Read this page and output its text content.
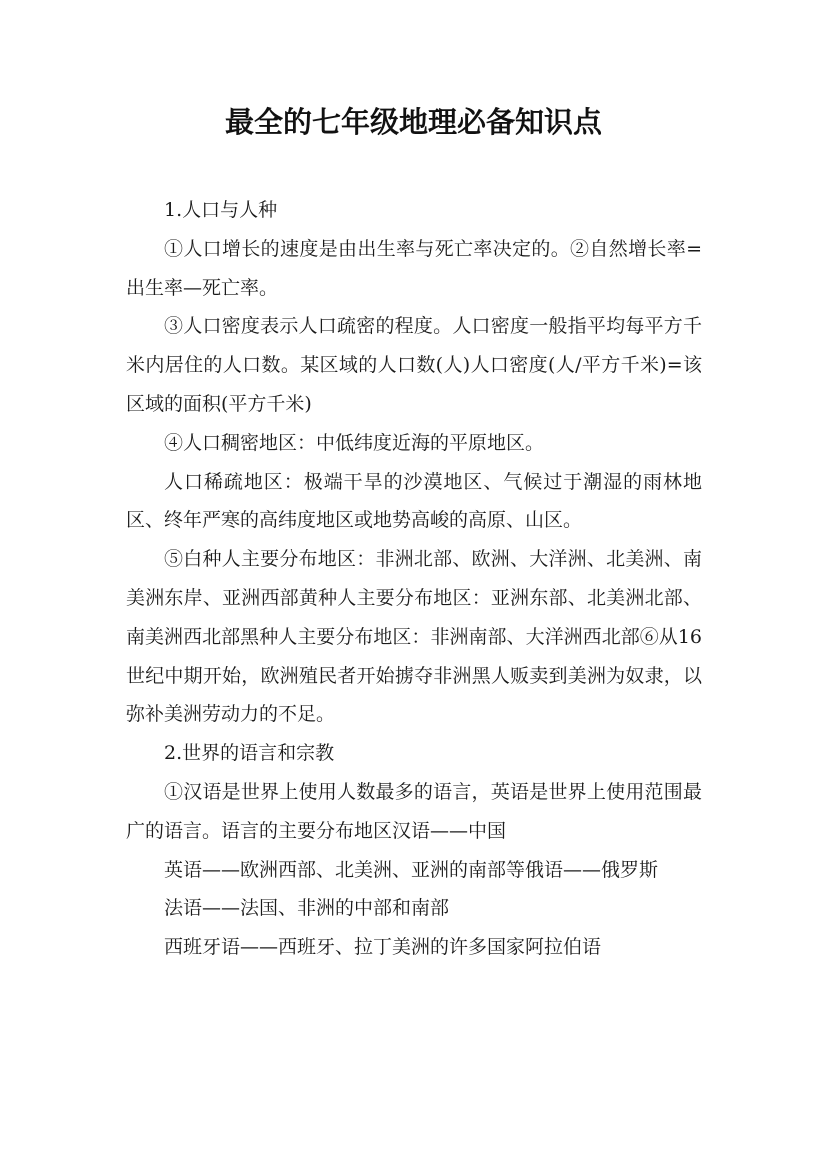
最全的七年级地理必备知识点

1.人口与人种

①人口增长的速度是由出生率与死亡率决定的。②自然增长率=出生率—死亡率。

③人口密度表示人口疏密的程度。人口密度一般指平均每平方千米内居住的人口数。某区域的人口数(人)人口密度(人/平方千米)=该区域的面积(平方千米)

④人口稠密地区：中低纬度近海的平原地区。

人口稀疏地区：极端干旱的沙漠地区、气候过于潮湿的雨林地区、终年严寒的高纬度地区或地势高峻的高原、山区。

⑤白种人主要分布地区：非洲北部、欧洲、大洋洲、北美洲、南美洲东岸、亚洲西部黄种人主要分布地区：亚洲东部、北美洲北部、南美洲西北部黑种人主要分布地区：非洲南部、大洋洲西北部⑥从16世纪中期开始，欧洲殖民者开始掳夺非洲黑人贩卖到美洲为奴隶，以弥补美洲劳动力的不足。

2.世界的语言和宗教

①汉语是世界上使用人数最多的语言，英语是世界上使用范围最广的语言。语言的主要分布地区汉语——中国

英语——欧洲西部、北美洲、亚洲的南部等俄语——俄罗斯

法语——法国、非洲的中部和南部

西班牙语——西班牙、拉丁美洲的许多国家阿拉伯语
